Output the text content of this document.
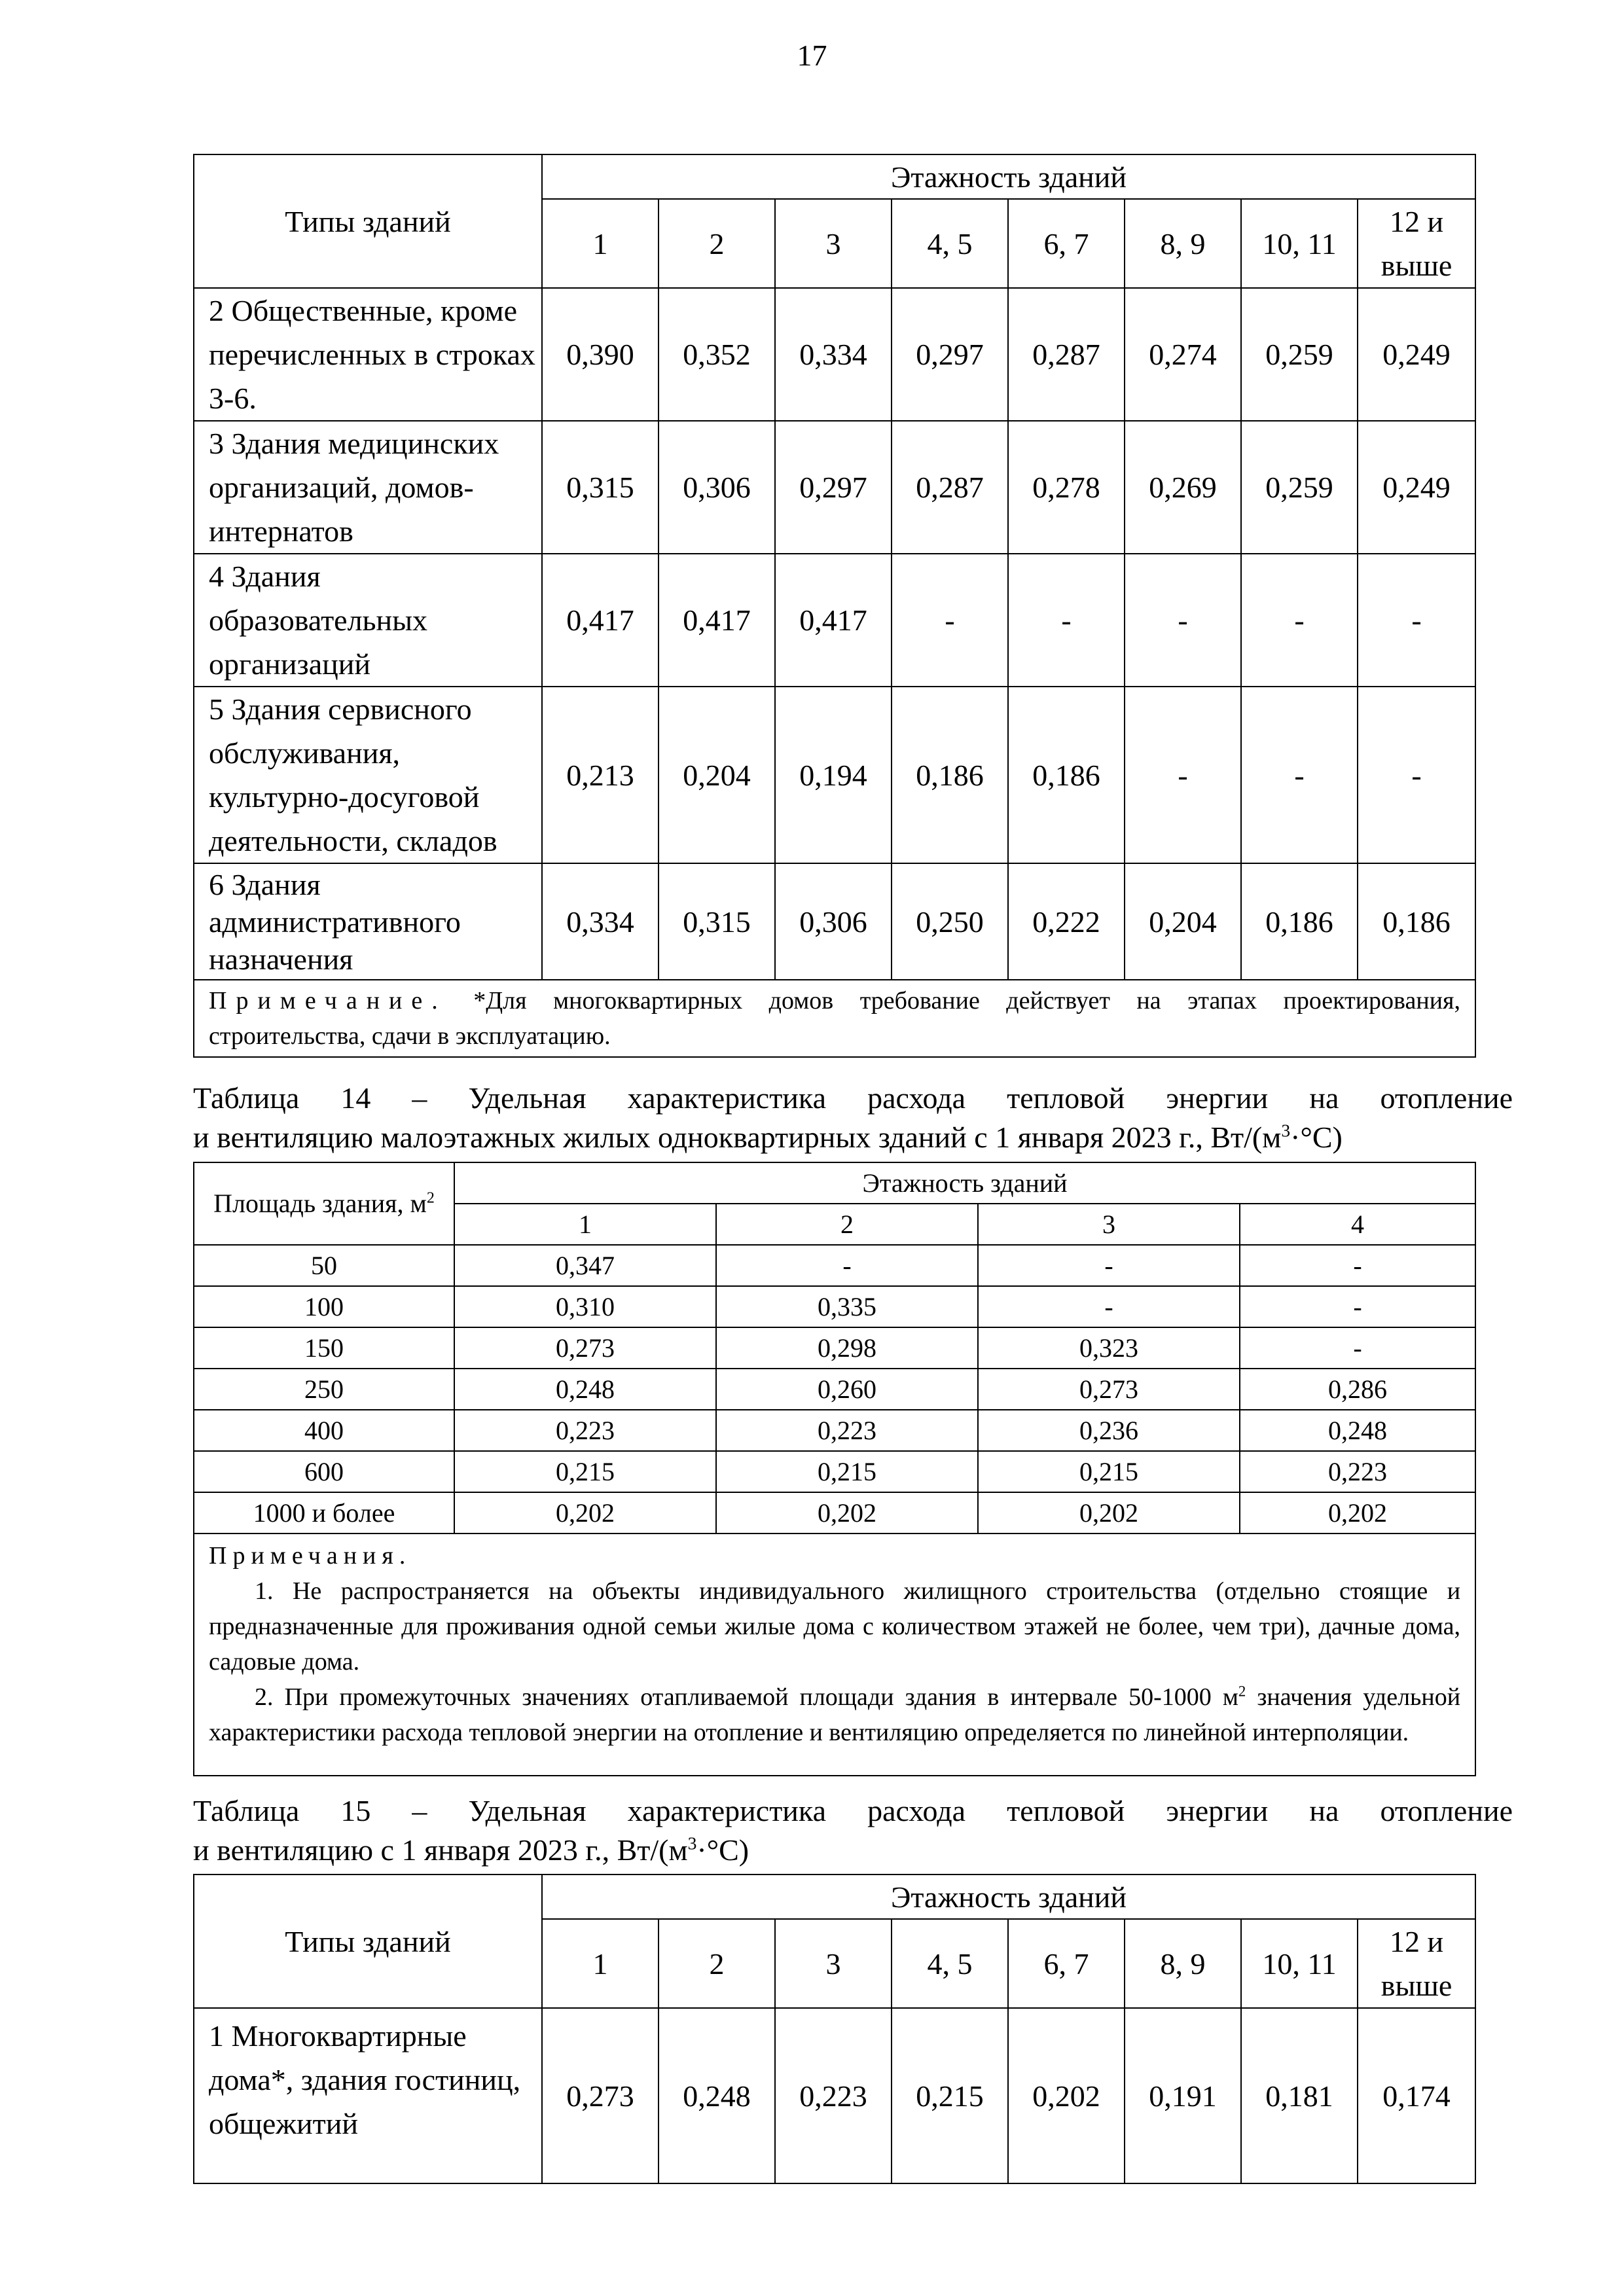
17
Типы зданий	Этажность зданий							
	1	2	3	4, 5	6, 7	8, 9	10, 11	12 и выше
2 Общественные, кроме перечисленных в строках 3-6.	0,390	0,352	0,334	0,297	0,287	0,274	0,259	0,249
3 Здания медицинских организаций, домов-интернатов	0,315	0,306	0,297	0,287	0,278	0,269	0,259	0,249
4 Здания образовательных организаций	0,417	0,417	0,417	-	-	-	-	-
5 Здания сервисного обслуживания, культурно-досуговой деятельности, складов	0,213	0,204	0,194	0,186	0,186	-	-	-
6 Здания административного назначения	0,334	0,315	0,306	0,250	0,222	0,204	0,186	0,186
Примечание. *Для многоквартирных домов требование действует на этапах проектирования, строительства, сдачи в эксплуатацию.								
Таблица 14 – Удельная характеристика расхода тепловой энергии на отопление
и вентиляцию малоэтажных жилых одноквартирных зданий с 1 января 2023 г., $Вт/(м^3\cdot^\circ С)$
Площадь здания, $м^2$	Этажность зданий			
	1	2	3	4
50	0,347	-	-	-
100	0,310	0,335	-	-
150	0,273	0,298	0,323	-
250	0,248	0,260	0,273	0,286
400	0,223	0,223	0,236	0,248
600	0,215	0,215	0,215	0,223
1000 и более	0,202	0,202	0,202	0,202
Примечания.
1. Не распространяется на объекты индивидуального жилищного строительства (отдельно стоящие и предназначенные для проживания одной семьи жилые дома с количеством этажей не более, чем три), дачные дома, садовые дома.
2. При промежуточных значениях отапливаемой площади здания в интервале 50-1000 $м^2$ значения удельной характеристики расхода тепловой энергии на отопление и вентиляцию определяется по линейной интерполяции.				
Таблица 15 – Удельная характеристика расхода тепловой энергии на отопление
и вентиляцию с 1 января 2023 г., $Вт/(м^3\cdot^\circ С)$
Типы зданий	Этажность зданий							
	1	2	3	4, 5	6, 7	8, 9	10, 11	12 и выше
1 Многоквартирные дома*, здания гостиниц, общежитий	0,273	0,248	0,223	0,215	0,202	0,191	0,181	0,174
